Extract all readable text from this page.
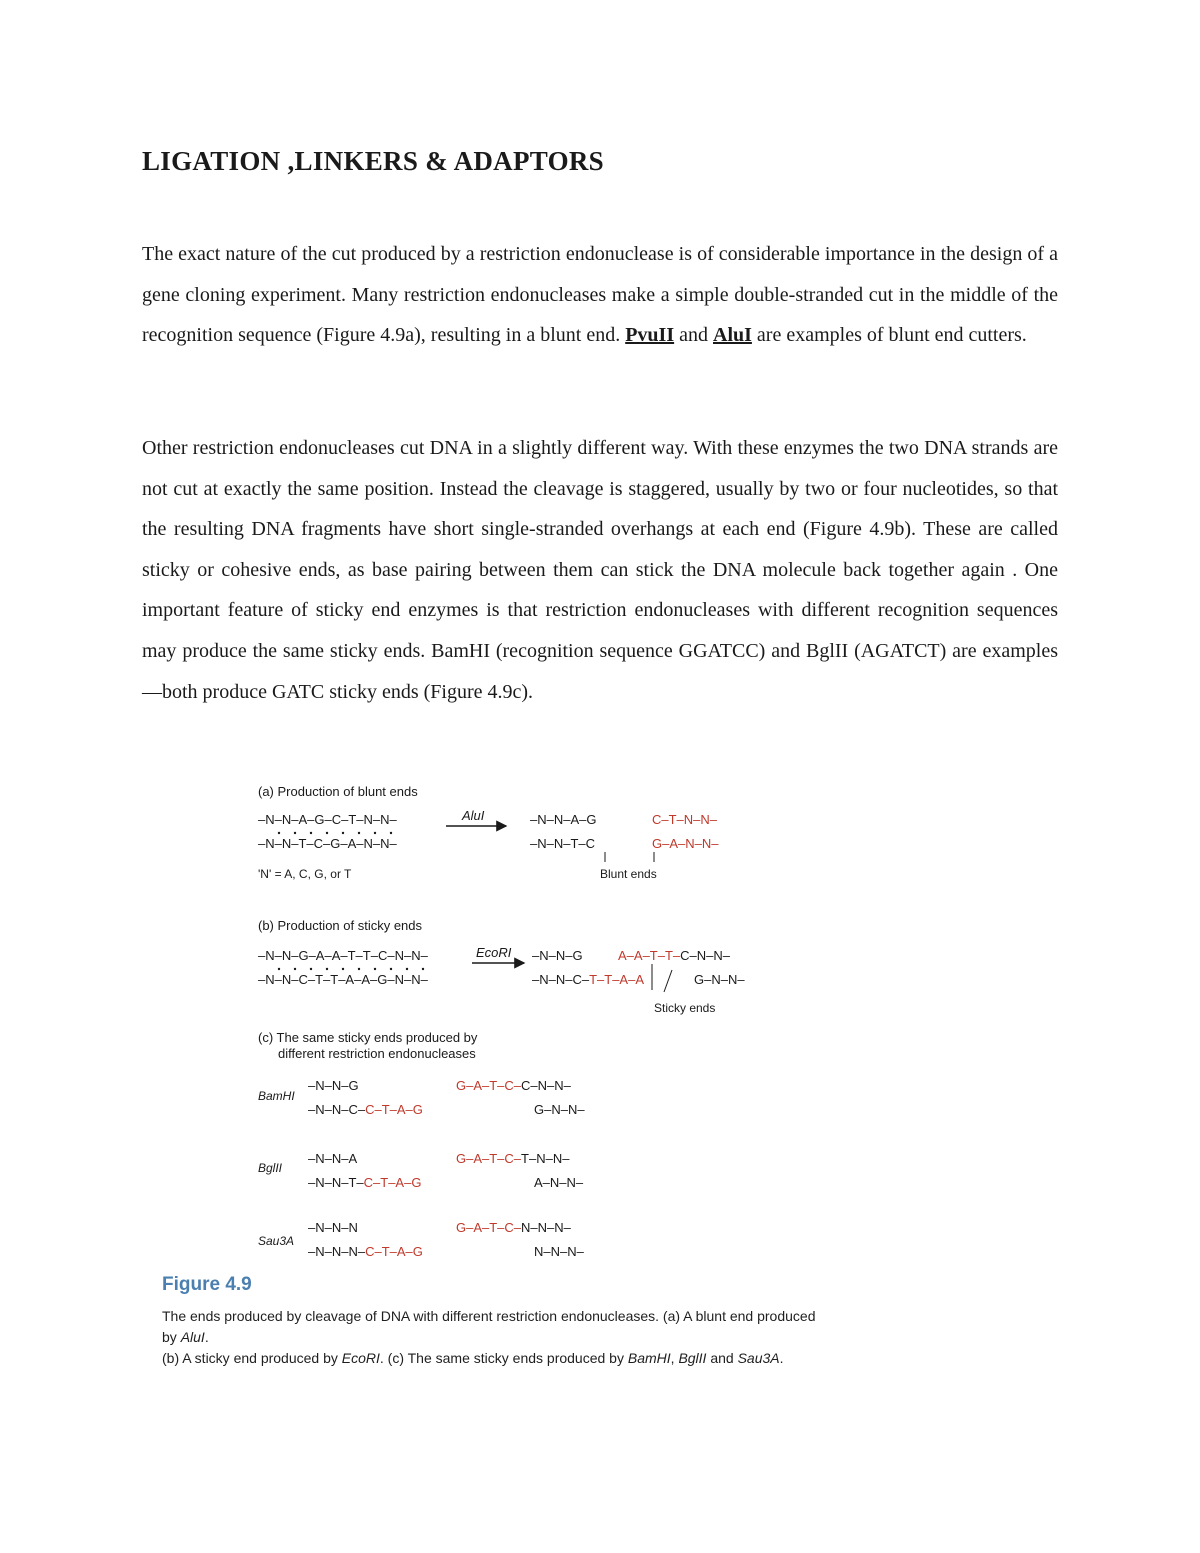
LIGATION ,LINKERS & ADAPTORS

The exact nature of the cut produced by a restriction endonuclease is of considerable importance in the design of a gene cloning experiment. Many restriction endonucleases make a simple double-stranded cut in the middle of the recognition sequence (Figure 4.9a), resulting in a blunt end. PvuII and AluI are examples of blunt end cutters.

Other restriction endonucleases cut DNA in a slightly different way. With these enzymes the two DNA strands are not cut at exactly the same position. Instead the cleavage is staggered, usually by two or four nucleotides, so that the resulting DNA fragments have short single-stranded overhangs at each end (Figure 4.9b). These are called sticky or cohesive ends, as base pairing between them can stick the DNA molecule back together again . One important feature of sticky end enzymes is that restriction endonucleases with different recognition sequences may produce the same sticky ends. BamHI (recognition sequence GGATCC) and BglII (AGATCT) are examples—both produce GATC sticky ends (Figure 4.9c).

(a) Production of blunt ends
–N–N–A–G–C–T–N–N–
–N–N–T–C–G–A–N–N–
AluI	–N–N–A–G
–N–N–T–C
C–T–N–N–
G–A–N–N–
'N' = A, C, G, or T	Blunt ends
(b) Production of sticky ends
–N–N–G–A–A–T–T–C–N–N–
–N–N–C–T–T–A–A–G–N–N–
EcoRI –N–N–G
–N–N–C–T–T–A–A
A–A–T–T–C–N–N–
G–N–N–
Sticky ends
(c) The same sticky ends produced by
different restriction endonucleases
BamHI
–N–N–G
–N–N–C–C–T–A–G
G–A–T–C–C–N–N–
G–N–N–
BglII
–N–N–A
–N–N–T–C–T–A–G
G–A–T–C–T–N–N–
A–N–N–
Sau3A
–N–N–N
–N–N–N–C–T–A–G
G–A–T–C–N–N–N–
N–N–N–
Figure 4.9
The ends produced by cleavage of DNA with different restriction endonucleases. (a) A blunt end produced by AluI.
(b) A sticky end produced by EcoRI. (c) The same sticky ends produced by BamHI, BglII and Sau3A.
